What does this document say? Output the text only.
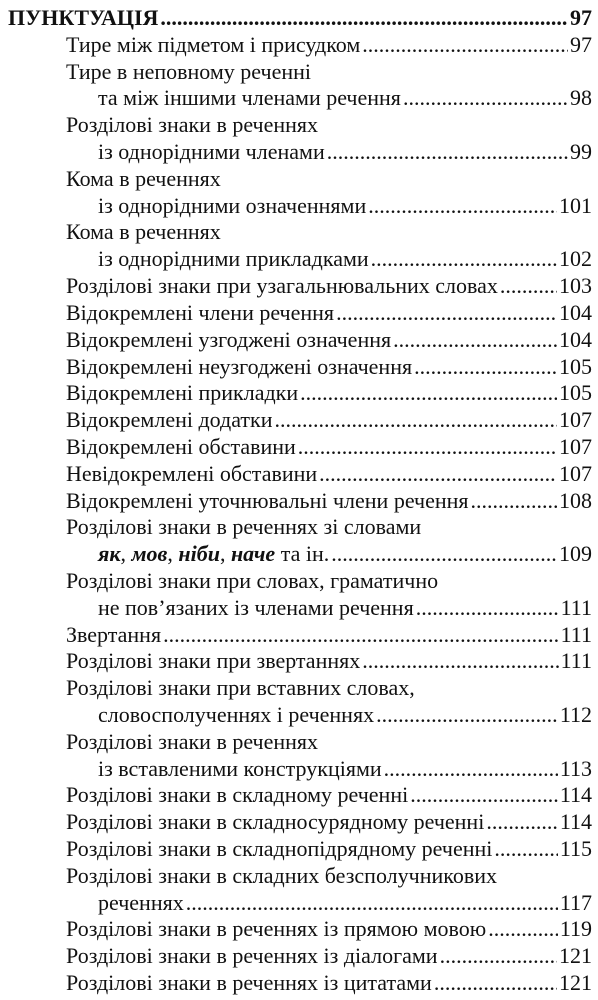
ПУНКТУАЦІЯ .....	97
Тире між підметом і присудком .....	97
Тире в неповному реченні
та між іншими членами речення .....	98
Розділові знаки в реченнях
із однорідними членами .....	99
Кома в реченнях
із однорідними означеннями .....	101
Кома в реченнях
із однорідними прикладками .....	102
Розділові знаки при узагальнювальних словах .....	103
Відокремлені члени речення .....	104
Відокремлені узгоджені означення .....	104
Відокремлені неузгоджені означення .....	105
Відокремлені прикладки .....	105
Відокремлені додатки .....	107
Відокремлені обставини .....	107
Невідокремлені обставини .....	107
Відокремлені уточнювальні члени речення .....	108
Розділові знаки в реченнях зі словами
як, мов, ніби, наче та ін. .....	109
Розділові знаки при словах, граматично
не пов’язаних із членами речення .....	111
Звертання .....	111
Розділові знаки при звертаннях .....	111
Розділові знаки при вставних словах,
словосполученнях і реченнях .....	112
Розділові знаки в реченнях
із вставленими конструкціями .....	113
Розділові знаки в складному реченні .....	114
Розділові знаки в складносурядному реченні .....	114
Розділові знаки в складнопідрядному реченні .....	115
Розділові знаки в складних безсполучникових
реченнях .....	117
Розділові знаки в реченнях із прямою мовою .....	119
Розділові знаки в реченнях із діалогами .....	121
Розділові знаки в реченнях із цитатами .....	121
